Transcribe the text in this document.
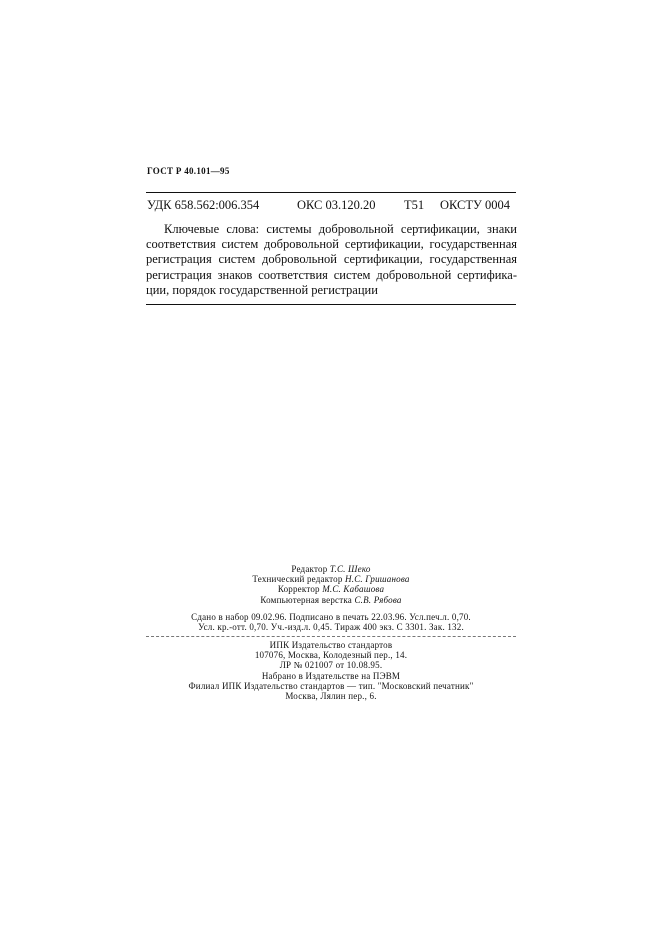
ГОСТ Р 40.101—95
УДК 658.562:006.354	ОКС 03.120.20 Т51 ОКСТУ 0004
Ключевые слова: системы добровольной сертификации, знаки
соответствия систем добровольной сертификации, государственная
регистрация систем добровольной сертификации, государственная
регистрация знаков соответствия систем добровольной сертифика-
ции, порядок государственной регистрации
Редактор Т.С. Шеко
Технический редактор Н.С. Гришанова
Корректор М.С. Кабашова
Компьютерная верстка С.В. Рябова
Сдано в набор 09.02.96. Подписано в печать 22.03.96. Усл.печ.л. 0,70.
Усл. кр.-отт. 0,70. Уч.-изд.л. 0,45. Тираж 400 экз. С 3301. Зак. 132.
ИПК Издательство стандартов
107076, Москва, Колодезный пер., 14.
ЛР № 021007 от 10.08.95.
Набрано в Издательстве на ПЭВМ
Филиал ИПК Издательство стандартов — тип. "Московский печатник"
Москва, Лялин пер., 6.
